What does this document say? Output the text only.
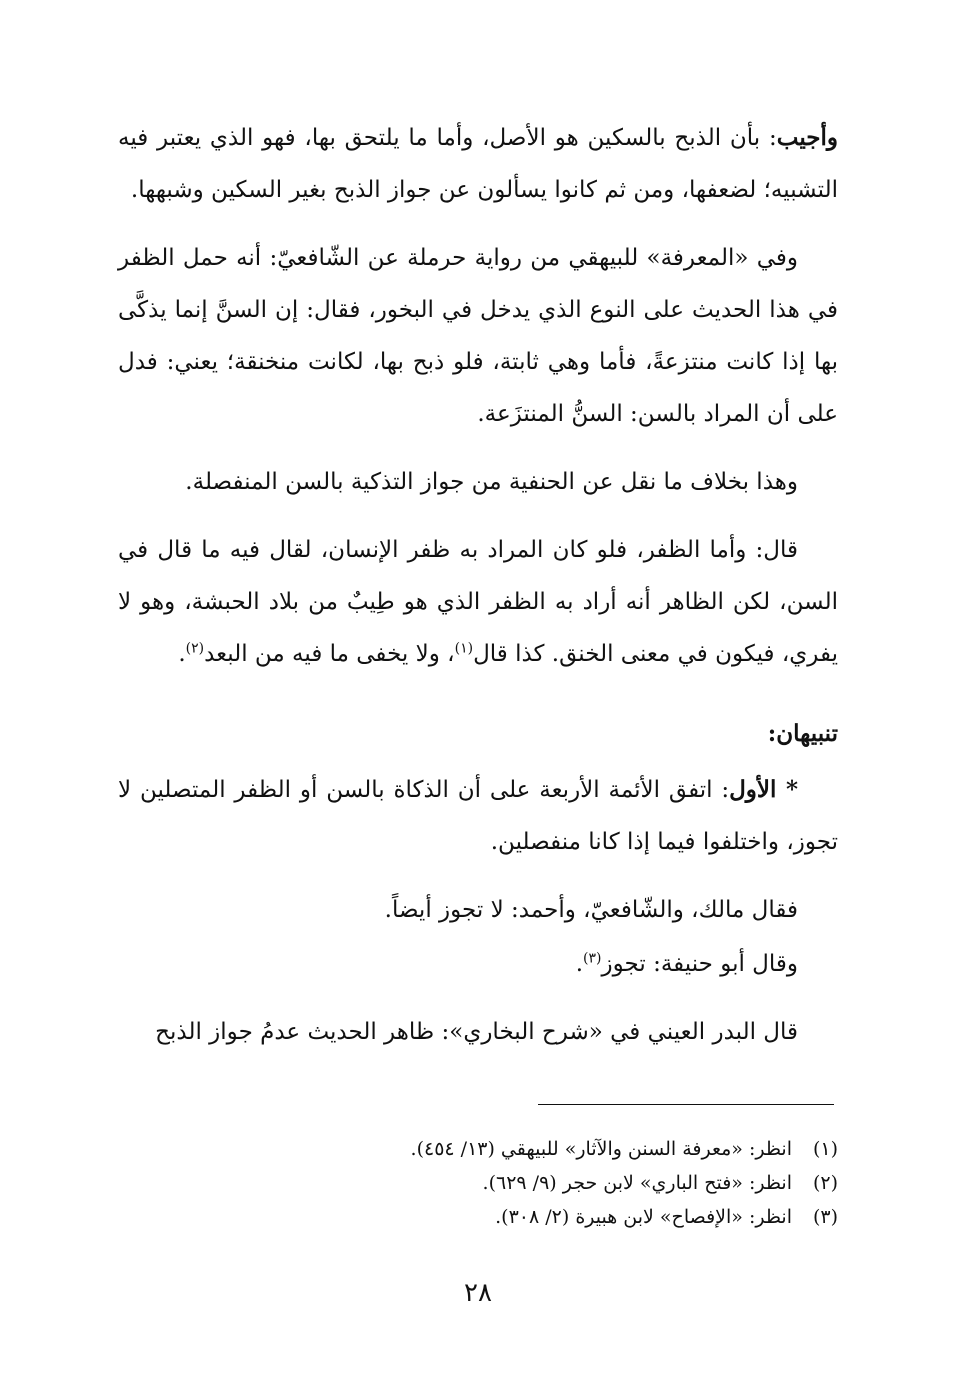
وأجيب: بأن الذبح بالسكين هو الأصل، وأما ما يلتحق بها، فهو الذي يعتبر فيه التشبيه؛ لضعفها، ومن ثم كانوا يسألون عن جواز الذبح بغير السكين وشبهها.

وفي «المعرفة» للبيهقي من رواية حرملة عن الشّافعيّ: أنه حمل الظفر في هذا الحديث على النوع الذي يدخل في البخور، فقال: إن السنَّ إنما يذكَّى بها إذا كانت منتزعةً، فأما وهي ثابتة، فلو ذبح بها، لكانت منخنقة؛ يعني: فدل على أن المراد بالسن: السنُّ المنتزَعة.

وهذا بخلاف ما نقل عن الحنفية من جواز التذكية بالسن المنفصلة.

قال: وأما الظفر، فلو كان المراد به ظفر الإنسان، لقال فيه ما قال في السن، لكن الظاهر أنه أراد به الظفر الذي هو طِيبٌ من بلاد الحبشة، وهو لا يفري، فيكون في معنى الخنق. كذا قال$^{(١)}$، ولا يخفى ما فيه من البعد$^{(٢)}$.

تنبيهان:

* الأول: اتفق الأئمة الأربعة على أن الذكاة بالسن أو الظفر المتصلين لا تجوز، واختلفوا فيما إذا كانا منفصلين.

فقال مالك، والشّافعيّ، وأحمد: لا تجوز أيضاً.

وقال أبو حنيفة: تجوز$^{(٣)}$.

قال البدر العيني في «شرح البخاري»: ظاهر الحديث عدمُ جواز الذبح

(١)انظر: «معرفة السنن والآثار» للبيهقي (١٣/ ٤٥٤).
(٢)انظر: «فتح الباري» لابن حجر (٩/ ٦٢٩).
(٣)انظر: «الإفصاح» لابن هبيرة (٢/ ٣٠٨).
٢٨
